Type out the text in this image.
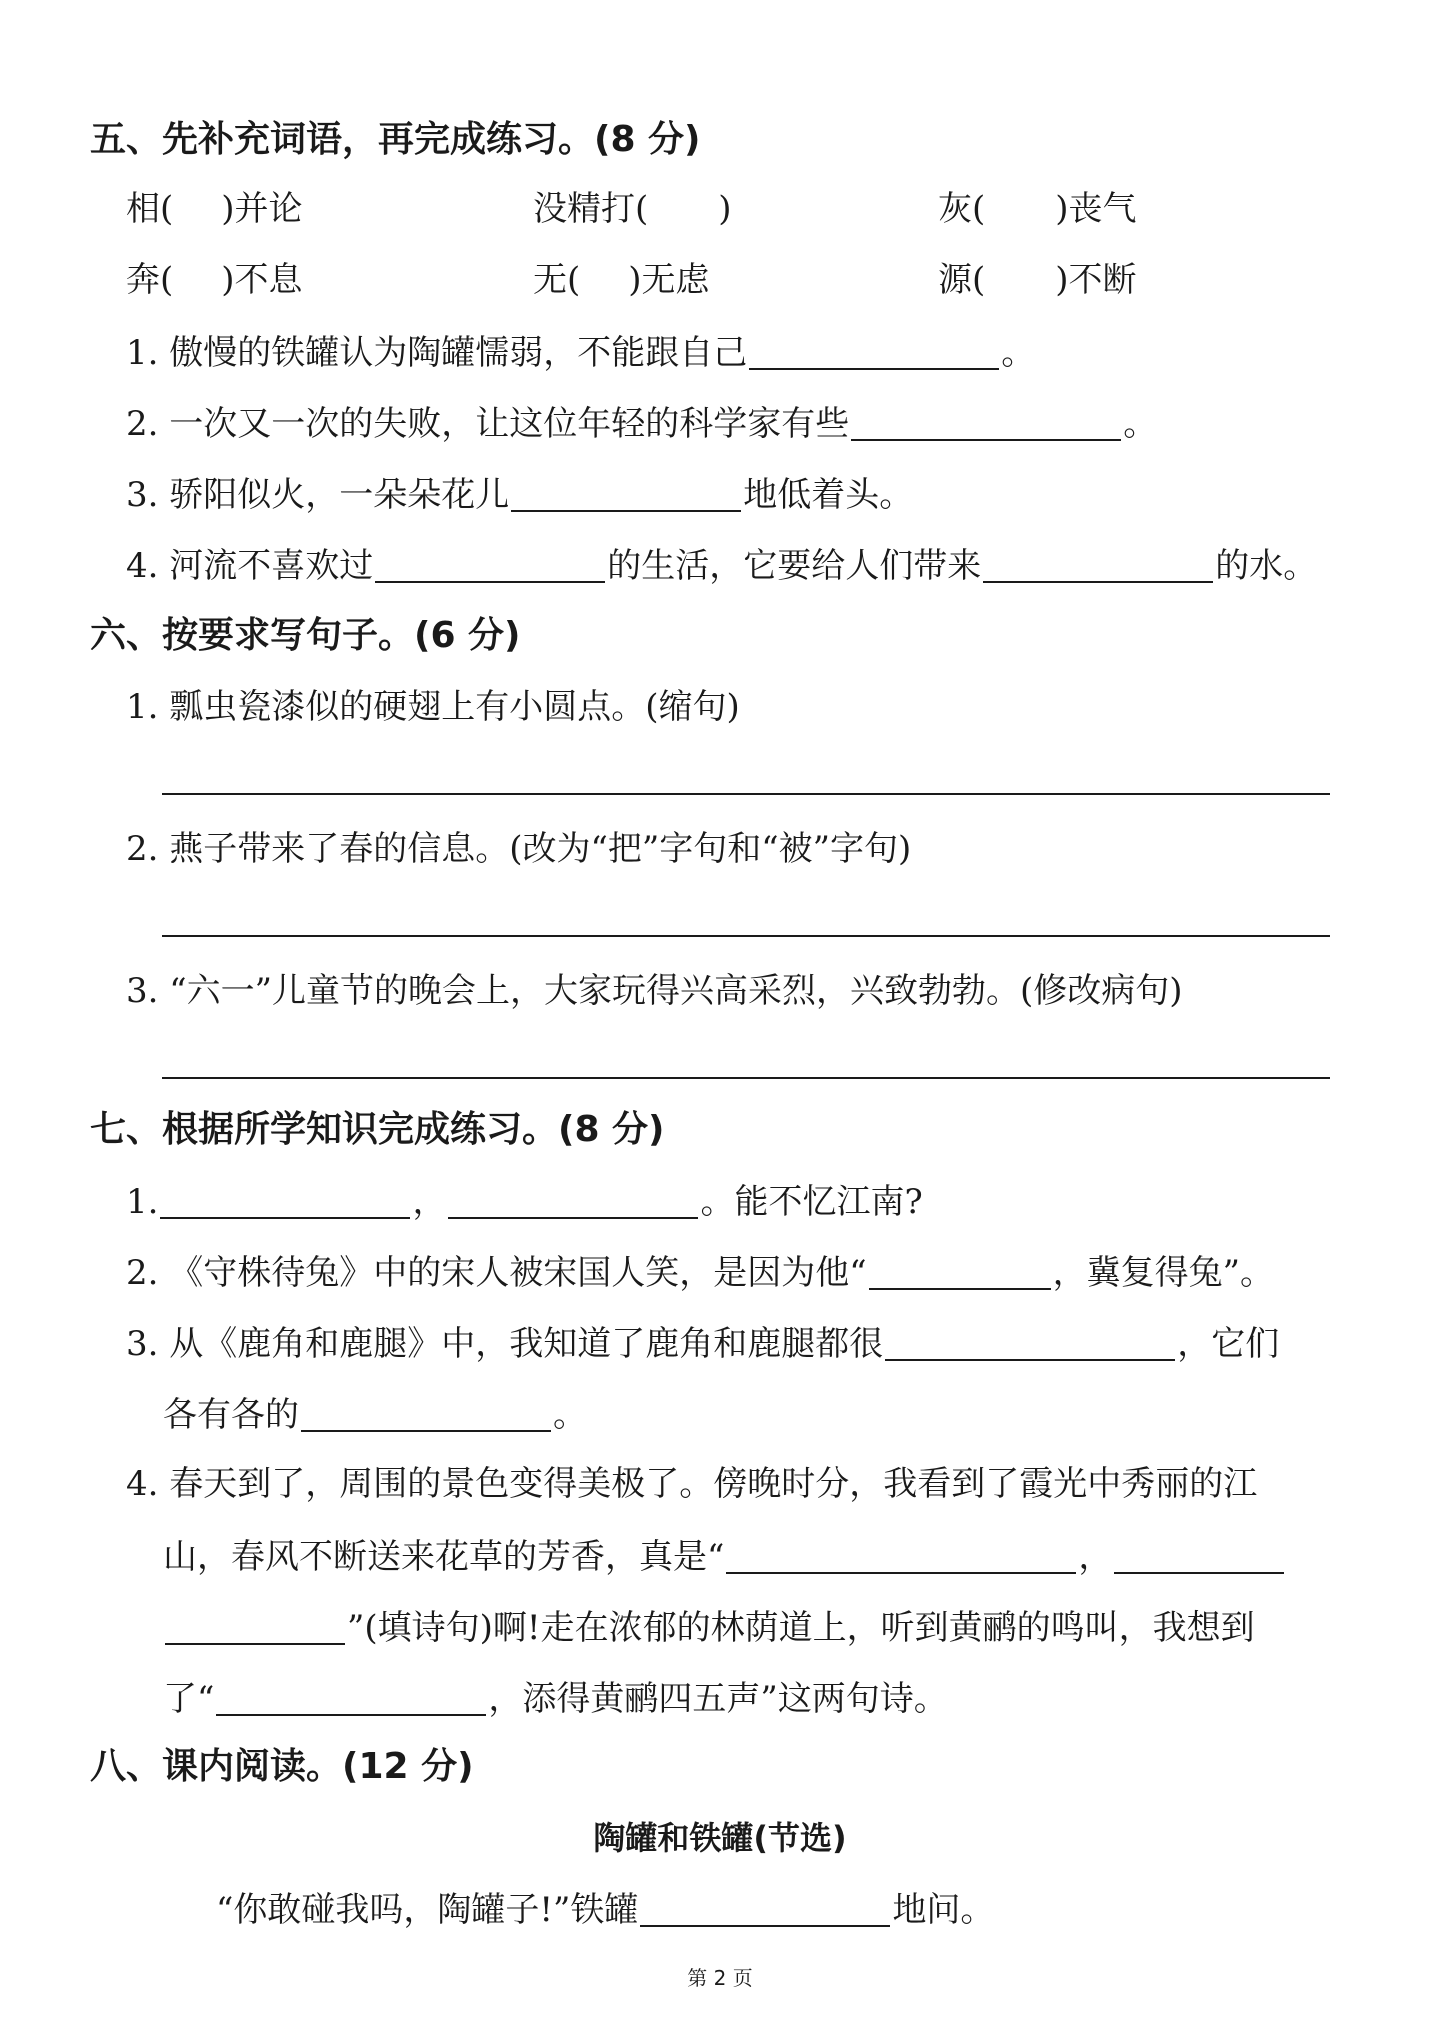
五、先补充词语，再完成练习。(8 分)
相( )并论	没精打( )	灰( )丧气
奔( )不息	无( )无虑	源( )不断
1. 傲慢的铁罐认为陶罐懦弱，不能跟自己	。
2. 一次又一次的失败，让这位年轻的科学家有些	。
3. 骄阳似火，一朵朵花儿	地低着头。
4. 河流不喜欢过	的生活，它要给人们带来	的水。
六、按要求写句子。(6 分)
1. 瓢虫瓷漆似的硬翅上有小圆点。(缩句)
2. 燕子带来了春的信息。(改为“把”字句和“被”字句)
3. “六一”儿童节的晚会上，大家玩得兴高采烈，兴致勃勃。(修改病句)
七、根据所学知识完成练习。(8 分)
1.	，	。能不忆江南?
2. 《守株待兔》中的宋人被宋国人笑，是因为他“	，冀复得兔”。
3. 从《鹿角和鹿腿》中，我知道了鹿角和鹿腿都很	，它们
各有各的	。
4. 春天到了，周围的景色变得美极了。傍晚时分，我看到了霞光中秀丽的江
山，春风不断送来花草的芳香，真是“	，
”(填诗句)啊!走在浓郁的林荫道上，听到黄鹂的鸣叫，我想到
了“	，添得黄鹂四五声”这两句诗。
八、课内阅读。(12 分)
陶罐和铁罐(节选)
“你敢碰我吗，陶罐子!”铁罐	地问。
第 2 页
